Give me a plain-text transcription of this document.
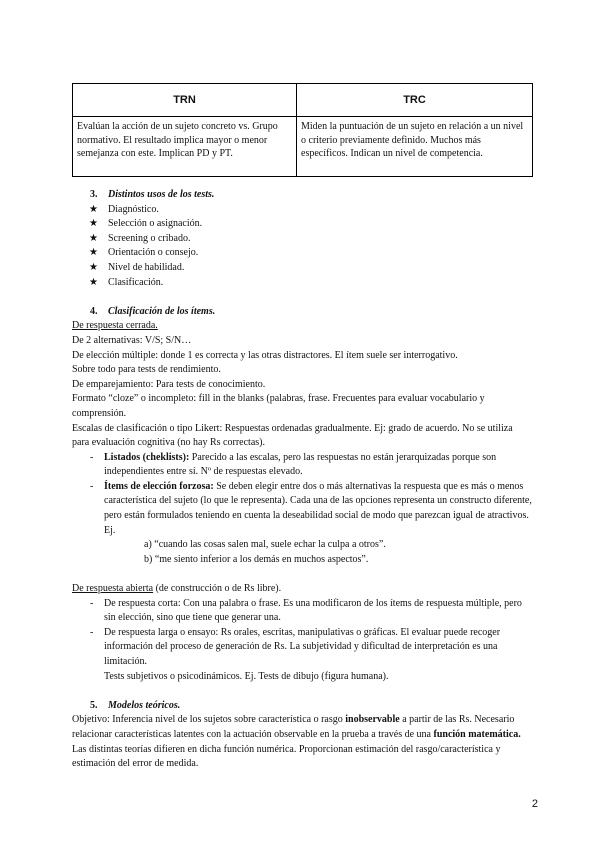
TRN	TRC
Evalúan la acción de un sujeto concreto vs. Grupo normativo. El resultado implica mayor o menor semejanza con este. Implican PD y PT.	Miden la puntuación de un sujeto en relación a un nivel o criterio previamente definido. Muchos más específicos. Indican un nivel de competencia.

3. Distintos usos de los tests.

★ Diagnóstico.
★ Selección o asignación.
★ Screening o cribado.
★ Orientación o consejo.
★ Nivel de habilidad.
★ Clasificación.

4. Clasificación de los ítems.

De respuesta cerrada.

De 2 alternativas: V/S; S/N…

De elección múltiple: donde 1 es correcta y las otras distractores. El ítem suele ser interrogativo.

Sobre todo para tests de rendimiento.

De emparejamiento: Para tests de conocimiento.

Formato “cloze” o incompleto: fill in the blanks (palabras, frase. Frecuentes para evaluar vocabulario y comprensión.

Escalas de clasificación o tipo Likert: Respuestas ordenadas gradualmente. Ej: grado de acuerdo. No se utiliza para evaluación cognitiva (no hay Rs correctas).

- Listados (cheklists): Parecido a las escalas, pero las respuestas no están jerarquizadas porque son independientes entre sí. Nº de respuestas elevado.

- Ítems de elección forzosa: Se deben elegir entre dos o más alternativas la respuesta que es más o menos característica del sujeto (lo que le representa). Cada una de las opciones representa un constructo diferente, pero están formulados teniendo en cuenta la deseabilidad social de modo que parezcan igual de atractivos. Ej.

a) “cuando las cosas salen mal, suele echar la culpa a otros”.

b) “me siento inferior a los demás en muchos aspectos”.

De respuesta abierta (de construcción o de Rs libre).

- De respuesta corta: Con una palabra o frase. Es una modificaron de los ítems de respuesta múltiple, pero sin elección, sino que tiene que generar una.

- De respuesta larga o ensayo: Rs orales, escritas, manipulativas o gráficas. El evaluar puede recoger información del proceso de generación de Rs. La subjetividad y dificultad de interpretación es una limitación.

Tests subjetivos o psicodinámicos. Ej. Tests de dibujo (figura humana).

5. Modelos teóricos.

Objetivo: Inferencia nivel de los sujetos sobre característica o rasgo inobservable a partir de las Rs. Necesario relacionar características latentes con la actuación observable en la prueba a través de una función matemática. Las distintas teorías difieren en dicha función numérica. Proporcionan estimación del rasgo/característica y estimación del error de medida.

2
